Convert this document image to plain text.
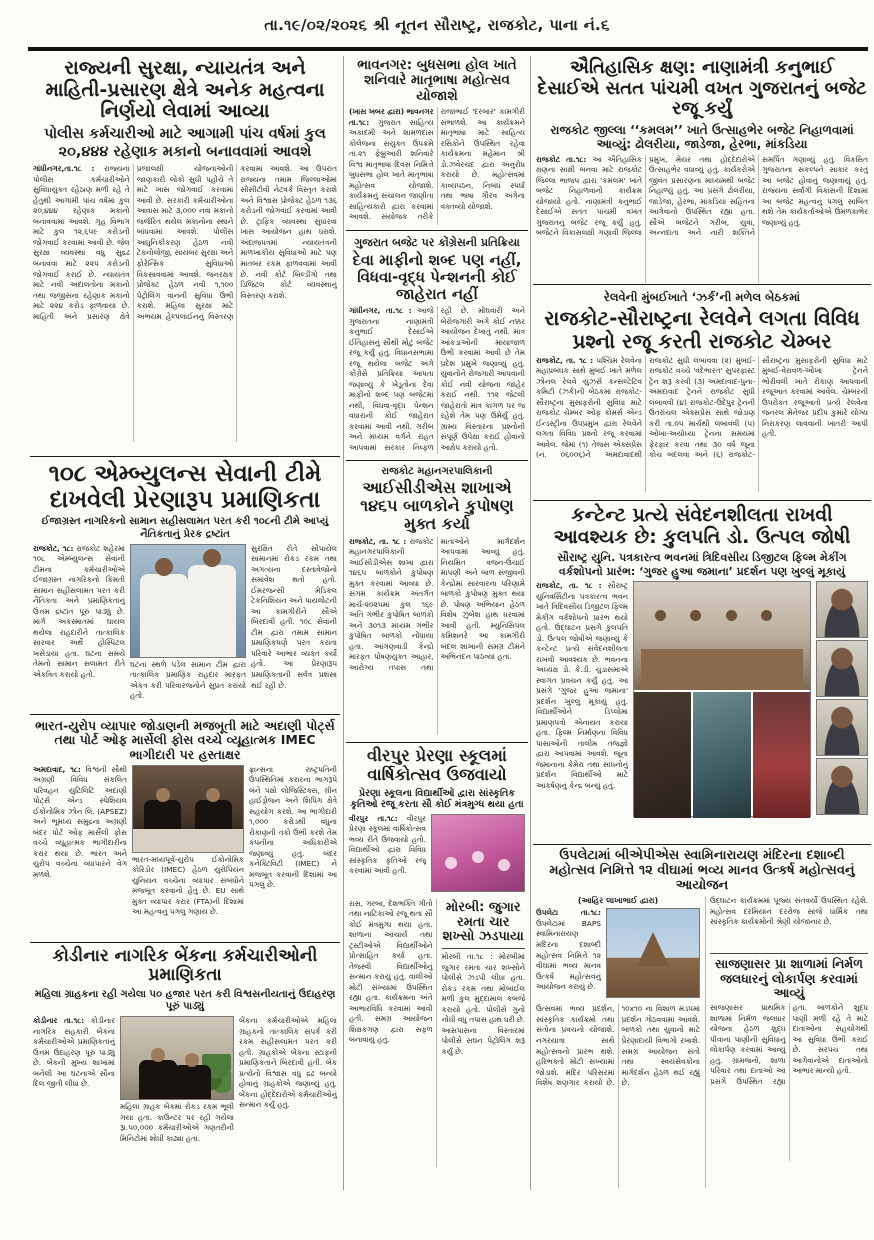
તા.૧૯/૦૨/૨૦૨૬ શ્રી નૂતન સૌરાષ્ટ્ર, રાજકોટ, પાના નં.૬
રાજ્યની સુરક્ષા, ન્યાયતંત્ર અને માહિતી-પ્રસારણ ક્ષેત્રે અનેક મહત્વના નિર્ણયો લેવામાં આવ્યા
પોલીસ કર્મચારીઓ માટે આગામી પાંચ વર્ષમાં કુલ ૨૦,૪૪૪ રહેણાક મકાનો બનાવવામાં આવશે
ગાંધીનગર,તા.૧૮ : રાજ્યના પોલીસ કર્મચારીઓને સુવિધાયુક્ત રહેઠાણ મળી રહે તે હેતુથી આગામી પાંચ વર્ષમાં કુલ ૨૦,૪૪૪ રહેણાક મકાનો બનાવવામાં આવશે. ગૃહ વિભાગ માટે કુલ ૧૨,૬૫૯ કરોડની જોગવાઈ કરવામાં આવી છે. જેલ સુરક્ષા વ્યવસ્થા વધુ સુદ્રઢ બનાવવા માટે ૨૨૫ કરોડની જોગવાઈ કરાઈ છે. ન્યાયતંત્ર માટે નવી અદાલતોના મકાનો તથા જજીસના રહેણાક મકાનો માટે ૨૨૪ કરોડ ફાળવાયા છે. માહિતી અને પ્રસારણ ક્ષેત્રે પ્રજાલક્ષી યોજનાઓની જાણકારી લોકો સુધી પહોંચે તે માટે ખાસ જોગવાઈ કરવામાં આવી છે. સરકારી કર્મચારીઓના આવાસ માટે ૩,૦૦૦ નવા મકાનો જર્જરિત થયેલ મકાનોના સ્થાને બાંધવામાં આવશે. પોલીસ આધુનિકીકરણ હેઠળ નવી ટેકનોલોજી, સાયબર સુરક્ષા અને ફોરેન્સિક સુવિધાઓ વિકસાવવામાં આવશે. જનરક્ષક પ્રોજેક્ટ હેઠળ નવી ૧,૧૦૦ પેટ્રોલિંગ વાનની સુવિધા ઉભી કરાશે. મહિલા સુરક્ષા માટે અભયમ હેલ્પલાઈનનું વિસ્તરણ કરવામાં આવશે. આ ઉપરાંત રાજ્યના તમામ જિલ્લાઓમાં સીસીટીવી નેટવર્ક વિસ્તૃત કરાશે અને વિશ્વાસ પ્રોજેક્ટ હેઠળ ૧૩૬ કરોડની જોગવાઈ કરવામાં આવી છે. ટ્રાફિક વ્યવસ્થા સુધારવા ખાસ આયોજન હાથ ધરાશે. અંદાજપત્રમાં ન્યાયતંત્રની માળખાકીય સુવિધાઓ માટે પણ માતબર રકમ ફાળવવામાં આવી છે. નવી કોર્ટ બિલ્ડીંગો તથા ડિજિટલ કોર્ટ વ્યવસ્થાનું વિસ્તરણ કરાશે.
ભાવનગર: બુધસભા હોલ ખાતે શનિવારે માતૃભાષા મહોત્સવ યોજાશે
(ખાસ ખબર દ્વારા) ભાવનગર તા.૧૮: ગુજરાત સાહિત્ય અકાદમી અને શામળદાસ કોલેજના સંયુક્ત ઉપક્રમે તા.૨૧ ફેબ્રુઆરી શનિવારે વિશ્વ માતૃભાષા દિવસ નિમિત્તે બુધસભા હોલ ખાતે માતૃભાષા મહોત્સવ યોજાશે. કાર્યક્રમનું સંચાલન જાણીતા સાહિત્યકારો દ્વારા કરવામાં આવશે. સંયોજક તરીકે રાજાભાઈ 'દરબાર' કામગીરી સંભાળશે. આ કાર્યક્રમને માતૃભાષા માટે સાહિત્ય રસિકોને ઉપસ્થિત રહેવા કાર્યક્રમના મહેમાન શ્રી ડો.ઝવેરચંદ દ્વારા અનુરોધ કરાયો છે. મહોત્સવમાં કાવ્યપઠન, નિબંધ સ્પર્ધા તથા ભાષા ગૌરવ અંગેના વક્તવ્યો યોજાશે.
ગુજરાત બજેટ પર કોંગ્રેસની પ્રતિક્રિયા
દેવા માફીનો શબ્દ પણ નહીં, વિધવા-વૃદ્ધ પેન્શનની કોઈ જાહેરાત નહીં
ગાંધીનગર, તા.૧૮ : આજે ગુજરાતના નાણામંત્રી કનુભાઈ દેસાઈએ ઈતિહાસનું સૌથી મોટું બજેટ રજૂ કર્યું હતું. વિધાનસભામાં રજૂ થયેલા બજેટ અંગે કોંગ્રેસે પ્રતિક્રિયા આપતા જણાવ્યું કે ખેડૂતોના દેવા માફીનો શબ્દ પણ બજેટમાં નથી, વિધવા-વૃદ્ધ પેન્શન વધારાની કોઈ જાહેરાત કરવામાં આવી નથી. ગરીબ અને મધ્યમ વર્ગને રાહત આપવામાં સરકાર નિષ્ફળ રહી છે. મોંઘવારી અને બેરોજગારી અંગે કોઈ નક્કર આયોજન દેખાતું નથી. માત્ર આંકડાઓની માયાજાળ ઉભી કરવામાં આવી છે તેમ પ્રદેશ પ્રમુખે જણાવ્યું હતું. યુવાનોને રોજગારી આપવાની કોઈ નવી યોજના જાહેર કરાઈ નથી. ૧૧૨ જેટલી જાહેરાતો માત્ર કાગળ પર જ રહેશે તેમ પણ ઉમેર્યું હતું. ગ્રામ્ય વિસ્તારના પ્રશ્નોની સંપૂર્ણ ઉપેક્ષા કરાઈ હોવાનો આક્ષેપ કરાયો હતો.
ઐતિહાસિક ક્ષણ: નાણામંત્રી કનુભાઈ દેસાઈએ સતત પાંચમી વખત ગુજરાતનું બજેટ રજૂ કર્યું
રાજકોટ જીલ્લા ‘‘કમલમ’’ ખાતે ઉત્સાહભેર બજેટ નિહાળવામાં આવ્યું: ઢોલરીયા, જાડેજા, હેરભા, માંકડિયા
રાજકોટ તા.૧૮: આ ઐતિહાસિક ક્ષણના સાક્ષી બનવા માટે રાજકોટ જિલ્લા ભાજપ દ્વારા 'કમલમ' ખાતે બજેટ નિહાળવાનો કાર્યક્રમ યોજાયો હતો. નાણામંત્રી કનુભાઈ દેસાઈએ સતત પાંચમી વખત ગુજરાતનું બજેટ રજૂ કર્યું હતું. બજેટને વિકાસલક્ષી ગણાવી જિલ્લા પ્રમુખ, મેયર તથા હોદ્દેદારોએ ઉત્સાહભેર વધાવ્યું હતું. કાર્યકરોએ જીવંત પ્રસારણના માધ્યમથી બજેટ નિહાળ્યું હતું. આ પ્રસંગે ઢોલરીયા, જાડેજા, હેરભા, માંકડિયા સહિતના આગેવાનો ઉપસ્થિત રહ્યા હતા. સૌએ બજેટને ગરીબ, યુવા, અન્નદાતા અને નારી શક્તિને સમર્પિત ગણાવ્યું હતું. વિકસિત ગુજરાતના સંકલ્પને સાકાર કરતું આ બજેટ હોવાનું જણાવાયું હતું. રાજ્યના સર્વાંગી વિકાસની દિશામાં આ બજેટ મહત્વનું પગલું સાબિત થશે તેમ કાર્યકર્તાઓએ ઉમળકાભેર જણાવ્યું હતું.
રેલવેની મુંબઈખાતે ‘ઝર્ક’ની મળેલ બેઠકમાં
રાજકોટ-સૌરાષ્ટ્રના રેલવેને લગતા વિવિધ પ્રશ્નો રજૂ કરતી રાજકોટ ચેમ્બર
રાજકોટ, તા. ૧૮ : પશ્ચિમ રેલવેના મહાપ્રબંધક સાથે મુંબઈ ખાતે મળેલ ઝોનલ રેલવે યુઝર્સ કન્સલ્ટેટિવ કમિટી (ઝર્ક)ની બેઠકમાં રાજકોટ-સૌરાષ્ટ્રના મુસાફરોની સુવિધા માટે રાજકોટ ચેમ્બર ઓફ કોમર્સ એન્ડ ઈન્ડસ્ટ્રીના ઉપપ્રમુખ દ્વારા રેલવેને લગતા વિવિધ પ્રશ્નો રજૂ કરવામાં આવેલ. જેમાં (૧) તેજસ એક્સપ્રેસ (નં. ૦૬૦૦૬)ને અમદાવાદથી રાજકોટ સુધી લંબાવવા (૨) મુંબઈ-રાજકોટ વચ્ચે 'વંદેભારત' સુપરફાસ્ટ ટ્રેન શરૂ કરવી (૩) અમદાવાદ-પુના-અમદાવાદ ટ્રેનને રાજકોટ સુધી લંબાવવી (૪) રાજકોટ-ઉદેપુર ટ્રેનની ઉતરાંચલ એક્સપ્રેસ સાથે જોડાણ કરી તા.૦૫ માર્ચથી લંબાવવી (૫) ઓખા-અયોધ્યા ટ્રેનના સમયમાં ફેરફાર કરવા તથા ૩૦ વર્ષ જૂના કોચ બદલવા અને (૬) રાજકોટ-સૌરાષ્ટ્રના મુસાફરોની સુવિધા માટે મુંબઈ-વેરાવળ-ઓખા ટ્રેનને ભોરીવલી ખાતે રોકાણ આપવાની રજૂઆત કરવામાં આવેલ. ચેમ્બરની ઉપરોક્ત રજૂઆતો પ્રત્યે રેલવેના જનરલ મેનેજર પ્રદીપ કુમારે યોગ્ય નિરાકરણ લાવવાની ખાતરી આપી હતી.
૧૦૮ એમ્બ્યુલન્સ સેવાની ટીમે દાખવેલી પ્રેરણારૂપ પ્રમાણિકતા
ઈજાગ્રસ્ત નાગરિકનો સામાન સહીસલામત પરત કરી ૧૦૮ની ટીમે આપ્યું નૈતિકતાનું પ્રેરક દ્રષ્ટાંત
રાજકોટ, ૧૮: રાજકોટ શહેરમાં ૧૦૮ એમ્બ્યુલન્સ સેવાની ટીમના કર્મચારીઓએ ઈજાગ્રસ્ત નાગરિકનો કિંમતી સામાન સહીસલામત પરત કરી નૈતિકતા અને પ્રમાણિકતાનું ઉત્તમ દ્રષ્ટાંત પૂરું પાડ્યું છે. માર્ગ અકસ્માતમાં ઘાયલ થયેલા રાહદારીને તાત્કાલિક સારવાર અર્થે હોસ્પિટલ ખસેડાયા હતા. ઘટના સમયે તેમનો સામાન સલામત રીતે એકત્રિત કરાયો હતો.
ઘટના સ્થળે પડેલ સામાન ટીમ દ્વારા તાત્કાલિક પ્રમાણિક રાહદાર મારફત એકત્ર કરી પરિવારજનોને સુપ્રત કરાયો હતો.
સુરક્ષિત રીતે સોંપાયેલ સામાનમાં રોકડ રકમ તથા અગત્યના દસ્તાવેજોનો સમાવેશ થતો હતો. ઈમરજન્સી મેડિકલ ટેકનિશિયન અને પાયલોટની આ કામગીરીને સૌએ બિરદાવી હતી. ૧૦૮ સેવાની ટીમ દ્વારા તમામ સામાન પ્રમાણિકપણે પરત કરાતા પરિવારે આભાર વ્યક્ત કર્યો હતો. આ પ્રેરણારૂપ પ્રમાણિકતાની સર્વત્ર પ્રશંસા થઈ રહી છે.
રાજકોટ મહાનગરપાલિકાની
આઈસીડીએસ શાખાએ ૧૪૬૫ બાળકોને કુપોષણ મુક્ત કર્યા
રાજકોટ, તા. ૧૮ : રાજકોટ મહાનગરપાલિકાની આઈસીડીએસ શાખા દ્વારા ૧૪૬૫ બાળકોને કુપોષણ મુક્ત કરવામાં આવ્યા છે. સંગમ કાર્યક્રમ અંતર્ગત માર્ચ-૨૦૨૫માં કુલ ૧૬૯ અતિ ગંભીર કુપોષિત બાળકો અને ૩૦૧૩ મધ્યમ ગંભીર કુપોષિત બાળકો નોંધાયા હતા. આંગણવાડી કેન્દ્રો મારફત પોષણયુક્ત આહાર, આરોગ્ય તપાસ તથા માતાઓને માર્ગદર્શન આપવામાં આવ્યું હતું. નિયમિત વજન-ઉંચાઈ માપણી અને બાળ સંજીવની કેન્દ્રોમાં સારવારના પરિણામે બાળકો કુપોષણ મુક્ત થયા છે. પોષણ અભિયાન હેઠળ વિશેષ ઝુંબેશ હાથ ધરવામાં આવી હતી. મ્યુનિસિપલ કમિશનરે આ કામગીરી બદલ શાખાની સમગ્ર ટીમને અભિનંદન પાઠવ્યા હતા.
કન્ટેન્ટ પ્રત્યે સંવેદનશીલતા રાખવી આવશ્યક છે: કુલપતિ ડો. ઉત્પલ જોષી
સૌરાષ્ટ્ર યુનિ. પત્રકારત્વ ભવનમાં ત્રિદિવસીય ડિજીટલ ફિલ્મ મેકીંગ વર્કશોપનો પ્રારંભ: ‘ગુજર હુઆ જમાના’ પ્રદર્શન પણ ખુલ્લું મૂકાયું
રાજકોટ, તા. ૧૮ : સૌરાષ્ટ્ર યુનિવર્સિટીના પત્રકારત્વ ભવન ખાતે ત્રિદિવસીય ડિજીટલ ફિલ્મ મેકીંગ વર્કશોપનો પ્રારંભ થયો હતો. ઉદ્ઘાટન પ્રસંગે કુલપતિ ડો. ઉત્પલ જોષીએ જણાવ્યું કે કન્ટેન્ટ પ્રત્યે સંવેદનશીલતા રાખવી આવશ્યક છે. ભવનના અધ્યક્ષ ડો. કે.ડી. ચુડાસમાએ સ્વાગત પ્રવચન કર્યું હતું. આ પ્રસંગે 'ગુજર હુઆ જમાના' પ્રદર્શન ખુલ્લું મૂકાયું હતું. વિદ્યાર્થીઓને ડિપ્લોમા પ્રમાણપત્રો એનાયત કરાયા હતા. ફિલ્મ નિર્માણના વિવિધ પાસાઓની તાલીમ તજજ્ઞો દ્વારા આપવામાં આવશે. જૂના જમાનાના કેમેરા તથા સાધનોનું પ્રદર્શન વિદ્યાર્થીઓ માટે આકર્ષણનું કેન્દ્ર બન્યું હતું.
ભારત-યુરોપ વ્યાપાર જોડાણની મજબૂતી માટે અદાણી પોર્ટ્સ તથા પોર્ટ ઓફ માર્સેલી ફોસ વચ્ચે વ્યૂહાત્મક IMEC ભાગીદારી પર હસ્તાક્ષર
અમદાવાદ, ૧૮: વિશ્વની સૌથી અગ્રણી વિવિધ સંકલિત પરિવહન યુટિલિટિ અદાણી પોર્ટ્સ એન્ડ સ્પેશિયલ ઈકોનોમિક ઝોન લિ. (APSEZ) અને ભૂમધ્ય સમુદ્રના અગ્રણી બંદર પોર્ટ ઓફ માર્સેલી ફોસ વચ્ચે વ્યૂહાત્મક ભાગીદારીના કરાર થયા છે. ભારત અને યુરોપ વચ્ચેના વ્યાપારને વેગ મળશે.
ભારત-મધ્યપૂર્વ-યુરોપ ઈકોનોમિક કોરિડોર (IMEC) હેઠળ યુરોપિયન યુનિયન વચ્ચેના વ્યાપાર સંબંધોને મજબૂત કરવાનો હેતુ છે. EU સાથે મુક્ત વ્યાપાર કરાર (FTA)ની દિશામાં આ મહત્વનું પગલું ગણાય છે.
ફ્રાન્સના રાષ્ટ્રપતિની ઉપસ્થિતિમાં કરારના ભાગરૂપે બંને પક્ષો લોજિસ્ટિક્સ, ગ્રીન હાઈડ્રોજન અને શિપિંગ ક્ષેત્રે સહયોગ કરશે. આ ભાગીદારી ૧,૦૦૦ કરોડથી વધુના રોકાણની તકો ઉભી કરશે તેમ કંપનીના અધિકારીએ જણાવ્યું હતું. બંદર કનેક્ટિવિટી (IMEC) ને મજબૂત કરવાની દિશામાં આ પગલું છે.
વીરપુર પ્રેરણા સ્કૂલમાં વાર્ષિકોત્સવ ઉજવાયો
પ્રેરણા સ્કૂલના વિદ્યાર્થીઓ દ્વારા સાંસ્કૃતિક કૃતિઓ રજૂ કરતા સૌ કોઈ મંત્રમુગ્ધ થયા હતા
વીરપુર તા.૧૮: વીરપુર પ્રેરણા સ્કૂલમાં વાર્ષિકોત્સવ ભવ્ય રીતે ઉજવાયો હતો. વિદ્યાર્થીઓ દ્વારા વિવિધ સાંસ્કૃતિક કૃતિઓ રજૂ કરવામાં આવી હતી.
રાસ, ગરબા, દેશભક્તિ ગીતો તથા નાટિકાઓ રજૂ થતા સૌ કોઈ મંત્રમુગ્ધ થયા હતા. શાળાના આચાર્ય તથા ટ્રસ્ટીઓએ વિદ્યાર્થીઓને પ્રોત્સાહિત કર્યા હતા. તેજસ્વી વિદ્યાર્થીઓનું સન્માન કરાયું હતું. વાલીઓ મોટી સંખ્યામાં ઉપસ્થિત રહ્યા હતા. કાર્યક્રમના અંતે આભારવિધિ કરવામાં આવી હતી. સમગ્ર આયોજન શિક્ષકગણ દ્વારા સફળ બનાવાયું હતું.
મોરબી: જુગાર રમતા ચાર શખ્સો ઝડપાયા
મોરબી તા.૧૮ : મોરબીમાં જુગાર રમતા ચાર શખ્સોને પોલીસે ઝડપી લીધા હતા. રોકડ રકમ તથા મોબાઈલ મળી કુલ મુદ્દામાલ કબજે કરાયો હતો. પોલીસે ગુનો નોંધી વધુ તપાસ હાથ ધરી છે. આસપાસના વિસ્તારમાં પોલીસે સઘન પેટ્રોલિંગ શરૂ કર્યું છે.
ઉપલેટામાં બીએપીએસ સ્વામિનારાયણ મંદિરના દશાબ્દી મહોત્સવ નિમિત્તે ૧૨ વીઘામાં ભવ્ય માનવ ઉત્કર્ષ મહોત્સવનું આયોજન
(આહિર લાખાભાઈ દ્વારા)
ઉપલેટા તા.૧૮: ઉપલેટામાં BAPS સ્વામિનારાયણ મંદિરના દશાબ્દી મહોત્સવ નિમિત્તે ૧૨ વીઘામાં ભવ્ય માનવ ઉત્કર્ષ મહોત્સવનું આયોજન કરાયું છે.
ઉત્સવમાં ભવ્ય પ્રદર્શન, સાંસ્કૃતિક કાર્યક્રમો તથા સંતોના પ્રવચનો યોજાશે. નગરયાત્રા સાથે મહોત્સવનો પ્રારંભ થશે. હરિભક્તો મોટી સંખ્યામાં જોડાશે. મંદિર પરિસરમાં વિશેષ શણગાર કરાયો છે. ૧૦x૧૦ ના વિશાળ મંડપમાં પ્રદર્શન ગોઠવવામાં આવશે. બાળકો તથા યુવાનો માટે પ્રેરણાદાયી વિભાગો રખાશે. સમગ્ર આયોજન સંતો તથા સ્વયંસેવકોના માર્ગદર્શન હેઠળ થઈ રહ્યું છે.
ઉદ્ઘાટન કાર્યક્રમમાં પૂજ્ય સંતવર્યો ઉપસ્થિત રહેશે. મહોત્સવ દરમિયાન દરરોજ સાંજે ધાર્મિક તથા સાંસ્કૃતિક કાર્યક્રમોની શ્રેણી યોજાનાર છે.
સાજણાસર પ્રા શાળામાં નિર્મળ જલધારનું લોકાર્પણ કરવામાં આવ્યું
સાજણાસર પ્રાથમિક શાળામાં નિર્મળ જલધાર યોજના હેઠળ શુદ્ધ પીવાના પાણીની સુવિધાનું લોકાર્પણ કરવામાં આવ્યું હતું. ગ્રામજનો, શાળા પરિવાર તથા દાતાઓ આ પ્રસંગે ઉપસ્થિત રહ્યા હતા. બાળકોને શુદ્ધ પાણી મળી રહે તે માટે દાતાઓના સહયોગથી આ સુવિધા ઉભી કરાઈ છે. સરપંચ તથા આગેવાનોએ દાતાઓનો આભાર માન્યો હતો.
કોડીનાર નાગરિક બેંકના કર્મચારીઓની પ્રમાણિકતા
મહિલા ગ્રાહકના રહી ગયેલા ૫૦ હજાર પરત કરી વિશ્વસનીયતાનું ઉદાહરણ પૂરું પાડ્યું
કોડીનાર તા.૧૮: કોડીનાર નાગરિક સહકારી બેંકના કર્મચારીઓએ પ્રમાણિકતાનું ઉત્તમ ઉદાહરણ પૂરું પાડ્યું છે. બેંકની મુખ્ય શાખામાં બનેલી આ ઘટનાએ સૌના દિલ જીતી લીધા છે.
મહિલા ગ્રાહક બેંકમાં રોકડ રકમ ભૂલી ગયા હતા. કાઉન્ટર પર રહી ગયેલા રૂા.૫૦,૦૦૦ કર્મચારીઓએ ગણતરીની મિનિટોમાં શોધી કાઢ્યા હતા.
બેંકના કર્મચારીઓએ મહિલા ગ્રાહકનો તાત્કાલિક સંપર્ક કરી રકમ સહીસલામત પરત કરી હતી. ગ્રાહકોએ બેંકના સ્ટાફની પ્રમાણિકતાને બિરદાવી હતી. બેંક પ્રત્યેનો વિશ્વાસ વધુ દ્રઢ બન્યો હોવાનું ગ્રાહકોએ જણાવ્યું હતું. બેંકના હોદ્દેદારોએ કર્મચારીઓનું સન્માન કર્યું હતું.
